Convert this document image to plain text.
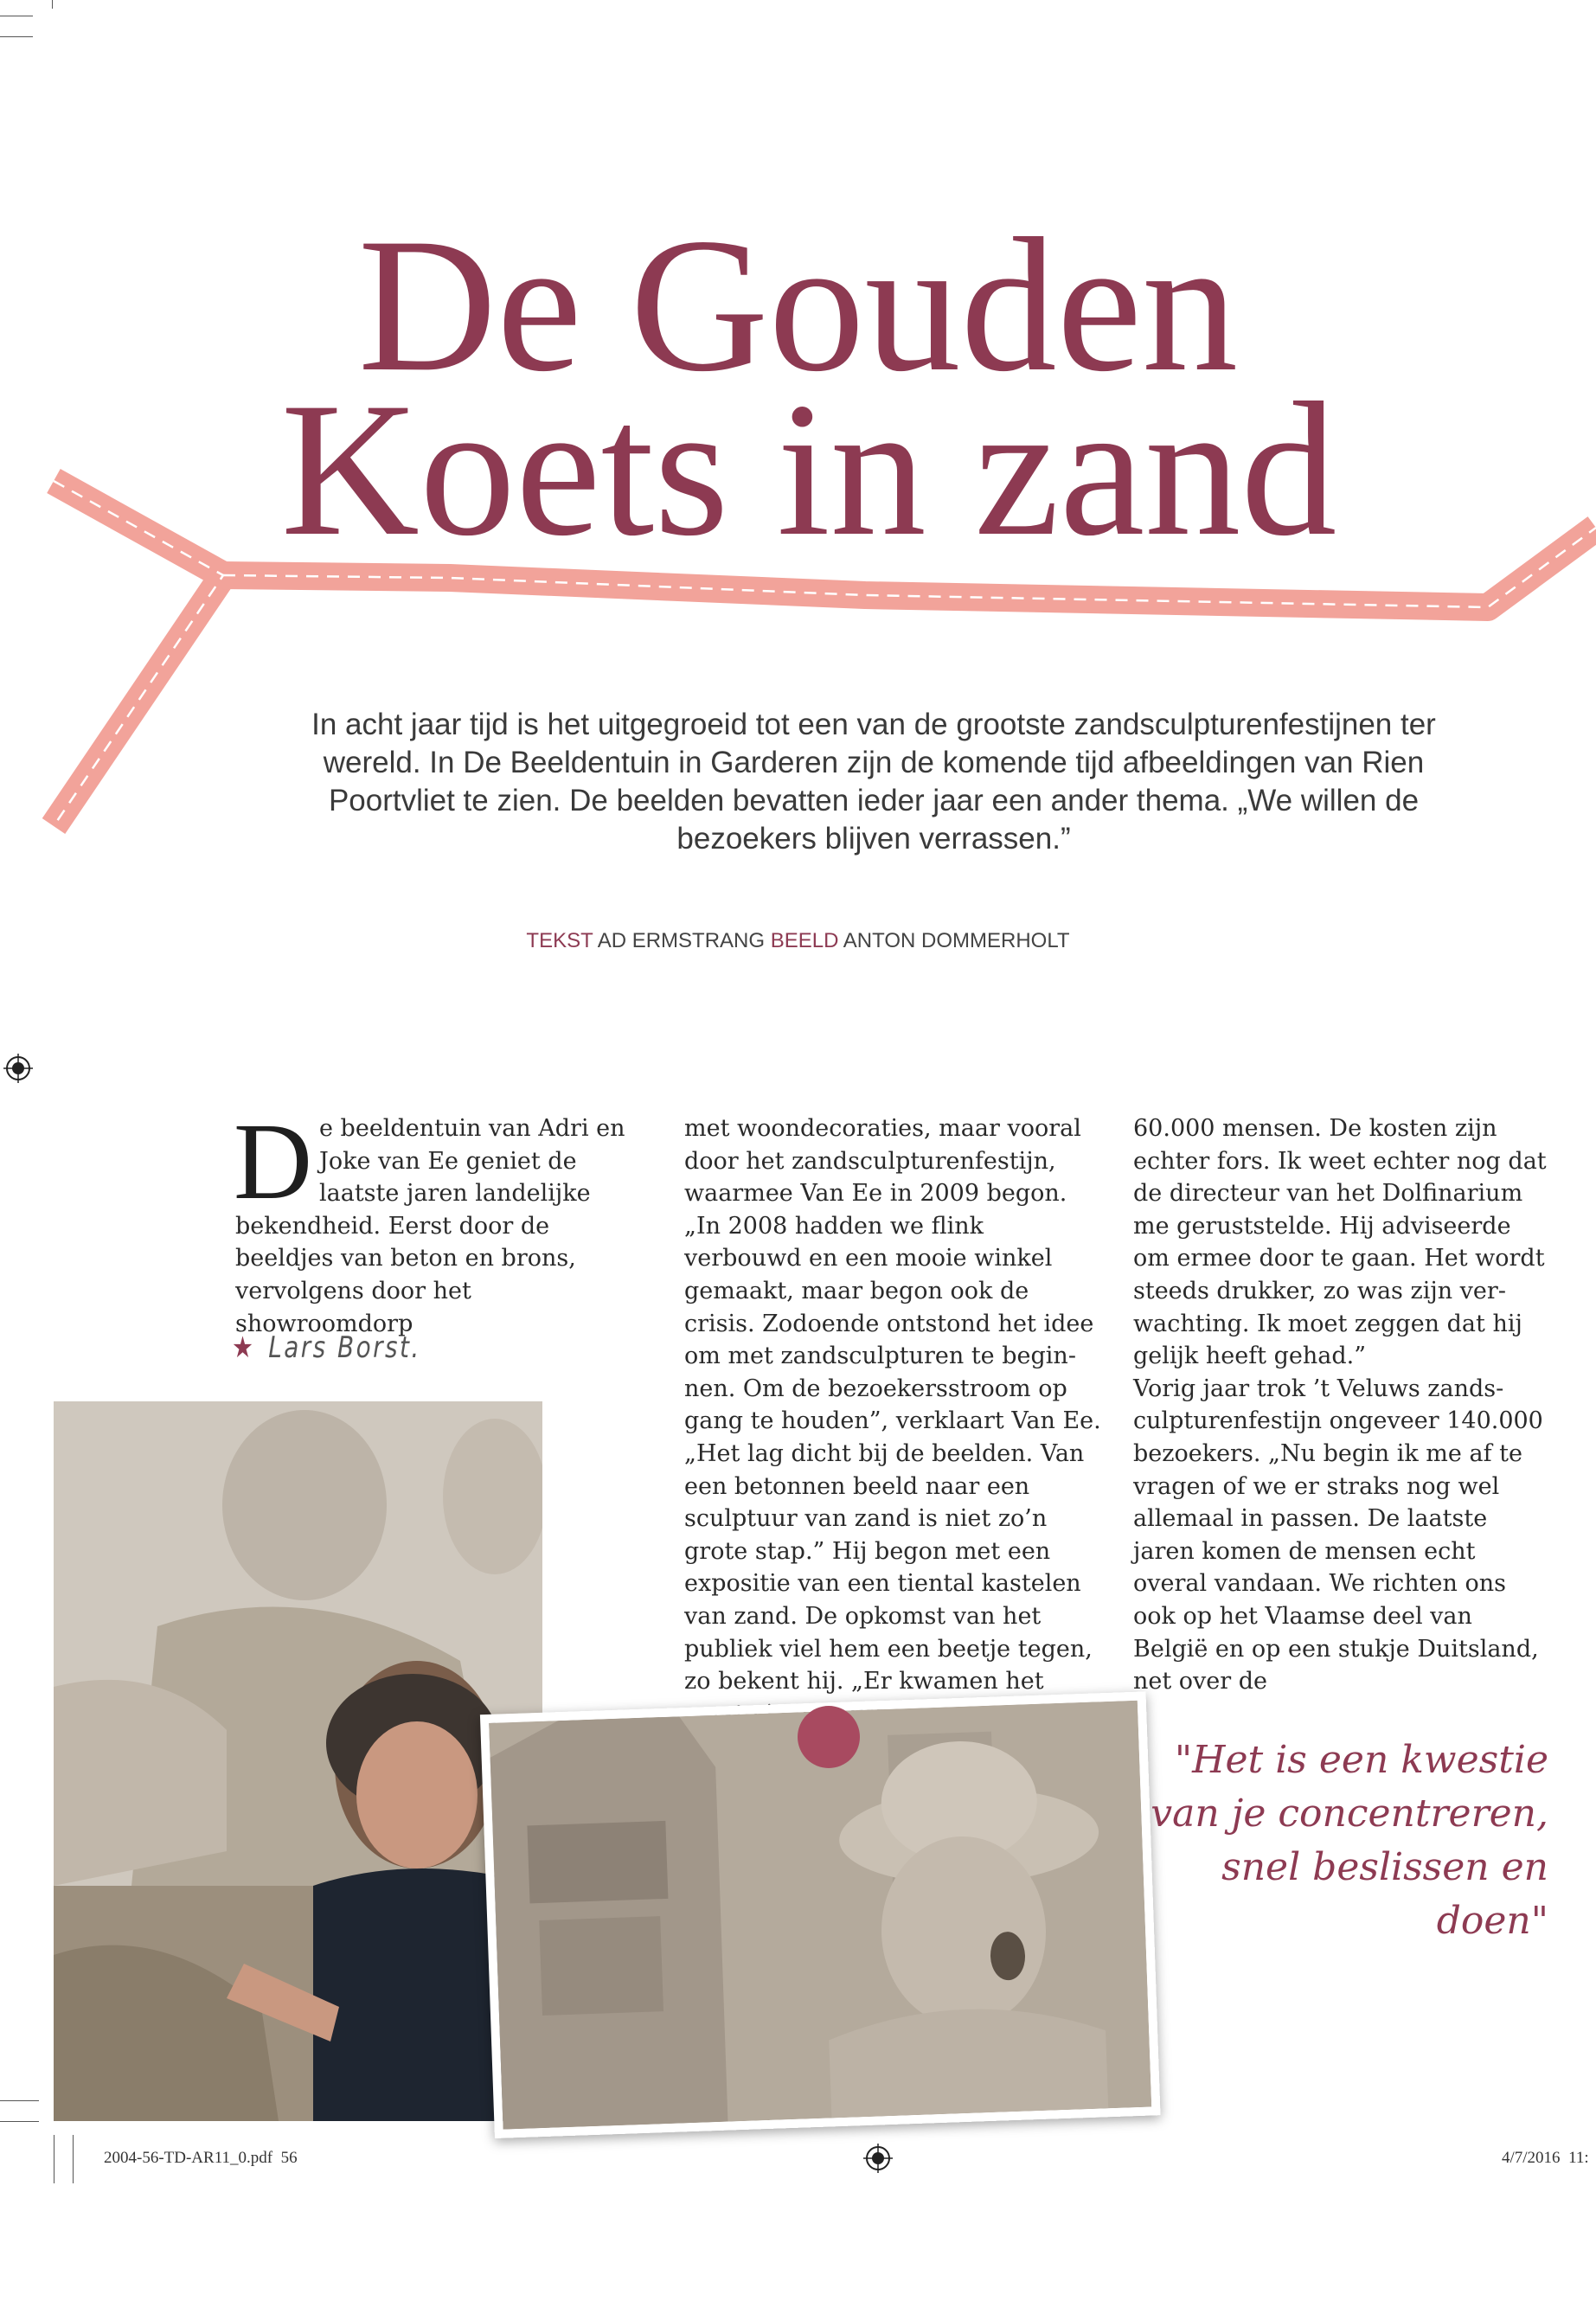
De Gouden
Koets in zand
In acht jaar tijd is het uitgegroeid tot een van de grootste zandsculpturenfestijnen ter wereld. In De Beeldentuin in Garderen zijn de komende tijd afbeeldingen van Rien Poortvliet te zien. De beelden bevatten ieder jaar een ander thema. „We willen de bezoekers blijven verrassen.”
TEKST AD ERMSTRANG BEELD ANTON DOMMERHOLT
D e beeldentuin van Adri en Joke van Ee geniet de laatste jaren landelijke bekendheid. Eerst door de beeldjes van beton en brons, vervolgens door het showroomdorp

met woondecoraties, maar vooral door het zandsculpturenfestijn, waarmee Van Ee in 2009 begon. „In 2008 hadden we flink verbouwd en een mooie winkel gemaakt, maar begon ook de crisis. Zodoende ontstond het idee om met zandsculpturen te beginnen. Om de bezoekersstroom op gang te houden”, verklaart Van Ee. „Het lag dicht bij de beelden. Van een betonnen beeld naar een sculptuur van zand is niet zo’n grote stap.” Hij begon met een expositie van een tiental kastelen van zand. De opkomst van het publiek viel hem een beetje tegen, zo bekent hij. „Er kwamen het

60.000 mensen. De kosten zijn echter fors. Ik weet echter nog dat de directeur van het Dolfinarium me geruststelde. Hij adviseerde om ermee door te gaan. Het wordt steeds drukker, zo was zijn verwachting. Ik moet zeggen dat hij gelijk heeft gehad.”

Vorig jaar trok ’t Veluws zandsculpturenfestijn ongeveer 140.000 bezoekers. „Nu begin ik me af te vragen of we er straks nog wel allemaal in passen. De laatste jaren komen de mensen echt overal vandaan. We richten ons ook op het Vlaamse deel van België en op een stukje Duitsland, net over de

★ Lars Borst.
"Het is een kwestie van je concentreren, snel beslissen en doen"
2004-56-TD-AR11_0.pdf 56	4/7/2016 11:
